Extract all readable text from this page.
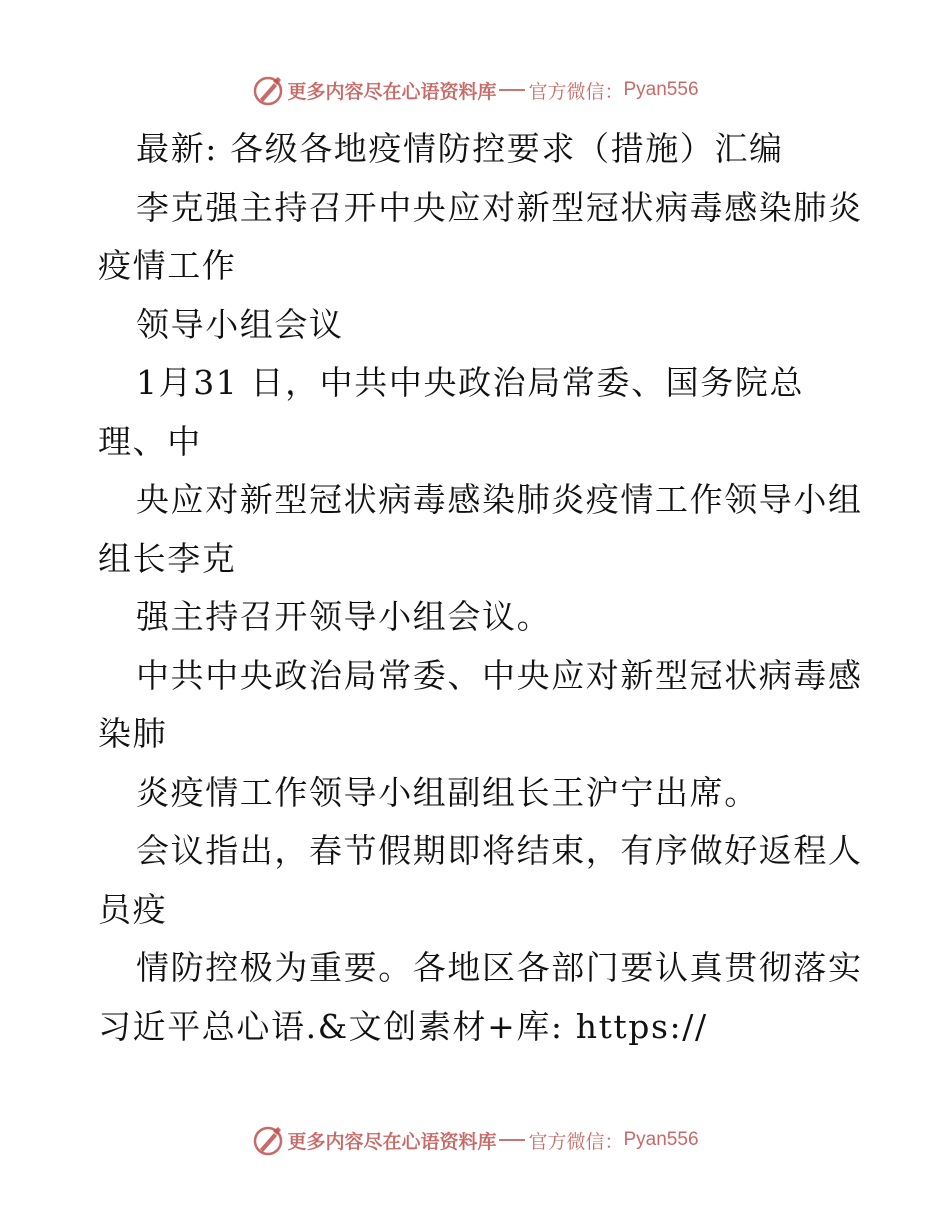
更多内容尽在心语资料库 官方微信： Pyan556
最新: 各级各地疫情防控要求（措施）汇编
李克强主持召开中央应对新型冠状病毒感染肺炎
疫情工作
领导小组会议
1月31 日，中共中央政治局常委、国务院总
理、中
央应对新型冠状病毒感染肺炎疫情工作领导小组
组长李克
强主持召开领导小组会议。
中共中央政治局常委、中央应对新型冠状病毒感
染肺
炎疫情工作领导小组副组长王沪宁出席。
会议指出，春节假期即将结束，有序做好返程人
员疫
情防控极为重要。各地区各部门要认真贯彻落实
习近平总心语.&文创素材+库: https://
更多内容尽在心语资料库 官方微信： Pyan556
